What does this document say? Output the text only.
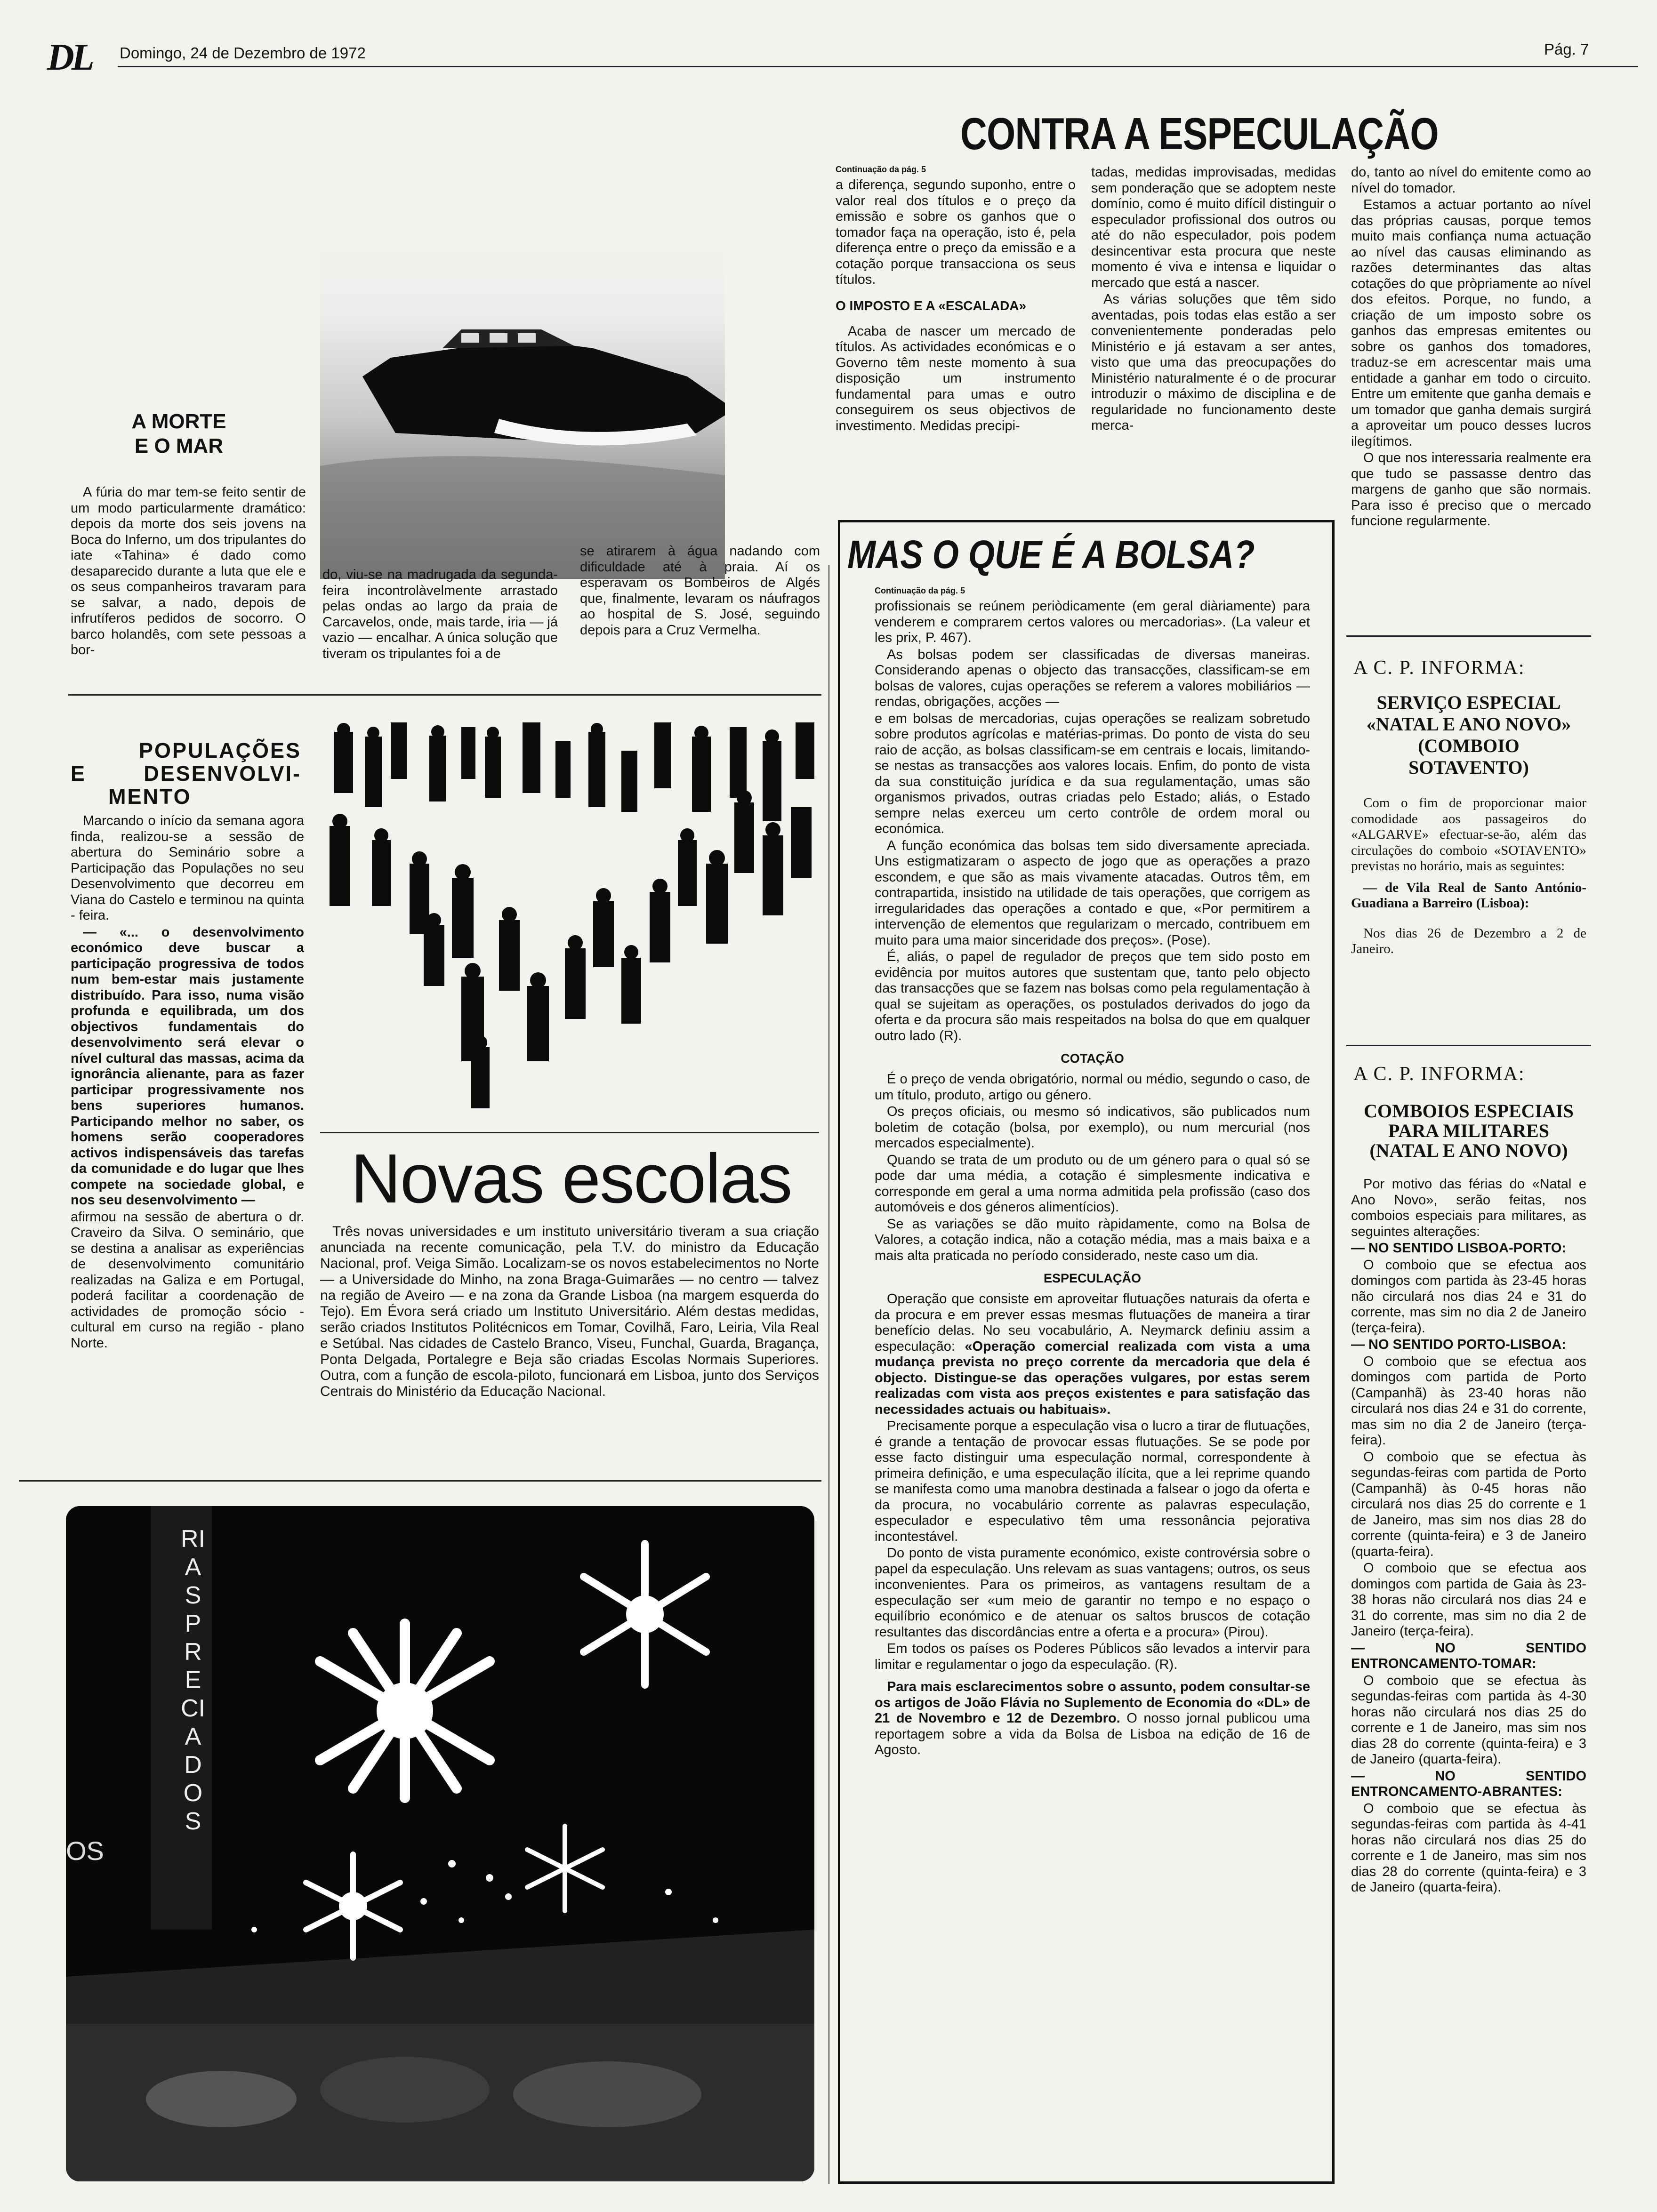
DL Domingo, 24 de Dezembro de 1972	Pág. 7
A MORTE
E O MAR

A fúria do mar tem-se feito sentir de um modo particularmente dramático: depois da morte dos seis jovens na Boca do Inferno, um dos tripulantes do iate «Tahina» é dado como desaparecido durante a luta que ele e os seus companheiros travaram para se salvar, a nado, depois de infrutíferos pedidos de socorro. O barco holandês, com sete pessoas a bor-

do, viu-se na madrugada da segunda-feira incontrolàvelmente arrastado pelas ondas ao largo da praia de Carcavelos, onde, mais tarde, iria — já vazio — encalhar. A única solução que tiveram os tripulantes foi a de

se atirarem à água nadando com dificuldade até à praia. Aí os esperavam os Bombeiros de Algés que, finalmente, levaram os náufragos ao hospital de S. José, seguindo depois para a Cruz Vermelha.

POPULAÇÕES
E DESENVOLVI-
MENTO

Marcando o início da semana agora finda, realizou-se a sessão de abertura do Seminário sobre a Participação das Populações no seu Desenvolvimento que decorreu em Viana do Castelo e terminou na quinta - feira.

— «... o desenvolvimento económico deve buscar a participação progressiva de todos num bem-estar mais justamente distribuído. Para isso, numa visão profunda e equilibrada, um dos objectivos fundamentais do desenvolvimento será elevar o nível cultural das massas, acima da ignorância alienante, para as fazer participar progressivamente nos bens superiores humanos. Participando melhor no saber, os homens serão cooperadores activos indispensáveis das tarefas da comunidade e do lugar que lhes compete na sociedade global, e nos seu desenvolvimento —

afirmou na sessão de abertura o dr. Craveiro da Silva. O seminário, que se destina a analisar as experiências de desenvolvimento comunitário realizadas na Galiza e em Portugal, poderá facilitar a coordenação de actividades de promoção sócio - cultural em curso na região - plano Norte.

Novas escolas

Três novas universidades e um instituto universitário tiveram a sua criação anunciada na recente comunicação, pela T.V. do ministro da Educação Nacional, prof. Veiga Simão. Localizam-se os novos estabelecimentos no Norte — a Universidade do Minho, na zona Braga-Guimarães — no centro — talvez na região de Aveiro — e na zona da Grande Lisboa (na margem esquerda do Tejo). Em Évora será criado um Instituto Universitário. Além destas medidas, serão criados Institutos Politécnicos em Tomar, Covilhã, Faro, Leiria, Vila Real e Setúbal. Nas cidades de Castelo Branco, Viseu, Funchal, Guarda, Bragança, Ponta Delgada, Portalegre e Beja são criadas Escolas Normais Superiores. Outra, com a função de escola-piloto, funcionará em Lisboa, junto dos Serviços Centrais do Ministério da Educação Nacional.

RIAS PRECIADOS
OS
CONTRA A ESPECULAÇÃO
Continuação da pág. 5

a diferença, segundo suponho, entre o valor real dos títulos e o preço da emissão e sobre os ganhos que o tomador faça na operação, isto é, pela diferença entre o preço da emissão e a cotação porque transacciona os seus títulos.

O IMPOSTO E A «ESCALADA»

Acaba de nascer um mercado de títulos. As actividades económicas e o Governo têm neste momento à sua disposição um instrumento fundamental para umas e outro conseguirem os seus objectivos de investimento. Medidas precipi-

tadas, medidas improvisadas, medidas sem ponderação que se adoptem neste domínio, como é muito difícil distinguir o especulador profissional dos outros ou até do não especulador, pois podem desincentivar esta procura que neste momento é viva e intensa e liquidar o mercado que está a nascer.

As várias soluções que têm sido aventadas, pois todas elas estão a ser convenientemente ponderadas pelo Ministério e já estavam a ser antes, visto que uma das preocupações do Ministério naturalmente é o de procurar introduzir o máximo de disciplina e de regularidade no funcionamento deste merca-

do, tanto ao nível do emitente como ao nível do tomador.

Estamos a actuar portanto ao nível das próprias causas, porque temos muito mais confiança numa actuação ao nível das causas eliminando as razões determinantes das altas cotações do que pròpriamente ao nível dos efeitos. Porque, no fundo, a criação de um imposto sobre os ganhos das empresas emitentes ou sobre os ganhos dos tomadores, traduz-se em acrescentar mais uma entidade a ganhar em todo o circuito. Entre um emitente que ganha demais e um tomador que ganha demais surgirá a aproveitar um pouco desses lucros ilegítimos.

O que nos interessaria realmente era que tudo se passasse dentro das margens de ganho que são normais. Para isso é preciso que o mercado funcione regularmente.

MAS O QUE É A BOLSA?
Continuação da pág. 5

profissionais se reúnem periòdicamente (em geral diàriamente) para venderem e comprarem certos valores ou mercadorias». (La valeur et les prix, P. 467).

As bolsas podem ser classificadas de diversas maneiras. Considerando apenas o objecto das transacções, classificam-se em bolsas de valores, cujas operações se referem a valores mobiliários — rendas, obrigações, acções —

e em bolsas de mercadorias, cujas operações se realizam sobretudo sobre produtos agrícolas e matérias-primas. Do ponto de vista do seu raio de acção, as bolsas classificam-se em centrais e locais, limitando-se nestas as transacções aos valores locais. Enfim, do ponto de vista da sua constituição jurídica e da sua regulamentação, umas são organismos privados, outras criadas pelo Estado; aliás, o Estado sempre nelas exerceu um certo contrôle de ordem moral ou económica.

A função económica das bolsas tem sido diversamente apreciada. Uns estigmatizaram o aspecto de jogo que as operações a prazo escondem, e que são as mais vivamente atacadas. Outros têm, em contrapartida, insistido na utilidade de tais operações, que corrigem as irregularidades das operações a contado e que, «Por permitirem a intervenção de elementos que regularizam o mercado, contribuem em muito para uma maior sinceridade dos preços». (Pose).

É, aliás, o papel de regulador de preços que tem sido posto em evidência por muitos autores que sustentam que, tanto pelo objecto das transacções que se fazem nas bolsas como pela regulamentação à qual se sujeitam as operações, os postulados derivados do jogo da oferta e da procura são mais respeitados na bolsa do que em qualquer outro lado (R).

COTAÇÃO

É o preço de venda obrigatório, normal ou médio, segundo o caso, de um título, produto, artigo ou género.

Os preços oficiais, ou mesmo só indicativos, são publicados num boletim de cotação (bolsa, por exemplo), ou num mercurial (nos mercados especialmente).

Quando se trata de um produto ou de um género para o qual só se pode dar uma média, a cotação é simplesmente indicativa e corresponde em geral a uma norma admitida pela profissão (caso dos automóveis e dos géneros alimentícios).

Se as variações se dão muito ràpidamente, como na Bolsa de Valores, a cotação indica, não a cotação média, mas a mais baixa e a mais alta praticada no período considerado, neste caso um dia.

ESPECULAÇÃO

Operação que consiste em aproveitar flutuações naturais da oferta e da procura e em prever essas mesmas flutuações de maneira a tirar benefício delas. No seu vocabulário, A. Neymarck definiu assim a especulação: «Operação comercial realizada com vista a uma mudança prevista no preço corrente da mercadoria que dela é objecto. Distingue-se das operações vulgares, por estas serem realizadas com vista aos preços existentes e para satisfação das necessidades actuais ou habituais».

Precisamente porque a especulação visa o lucro a tirar de flutuações, é grande a tentação de provocar essas flutuações. Se se pode por esse facto distinguir uma especulação normal, correspondente à primeira definição, e uma especulação ilícita, que a lei reprime quando se manifesta como uma manobra destinada a falsear o jogo da oferta e da procura, no vocabulário corrente as palavras especulação, especulador e especulativo têm uma ressonância pejorativa incontestável.

Do ponto de vista puramente económico, existe controvérsia sobre o papel da especulação. Uns relevam as suas vantagens; outros, os seus inconvenientes. Para os primeiros, as vantagens resultam de a especulação ser «um meio de garantir no tempo e no espaço o equilíbrio económico e de atenuar os saltos bruscos de cotação resultantes das discordâncias entre a oferta e a procura» (Pirou).

Em todos os países os Poderes Públicos são levados a intervir para limitar e regulamentar o jogo da especulação. (R).

Para mais esclarecimentos sobre o assunto, podem consultar-se os artigos de João Flávia no Suplemento de Economia do «DL» de 21 de Novembro e 12 de Dezembro. O nosso jornal publicou uma reportagem sobre a vida da Bolsa de Lisboa na edição de 16 de Agosto.

A C. P. INFORMA:
SERVIÇO ESPECIAL
«NATAL E ANO NOVO»
(COMBOIO
SOTAVENTO)

Com o fim de proporcionar maior comodidade aos passageiros do «ALGARVE» efectuar-se-ão, além das circulações do comboio «SOTAVENTO» previstas no horário, mais as seguintes:

— de Vila Real de Santo António-Guadiana a Barreiro (Lisboa):

Nos dias 26 de Dezembro a 2 de Janeiro.

A C. P. INFORMA:
COMBOIOS ESPECIAIS
PARA MILITARES
(NATAL E ANO NOVO)

Por motivo das férias do «Natal e Ano Novo», serão feitas, nos comboios especiais para militares, as seguintes alterações:

— NO SENTIDO LISBOA-PORTO:

O comboio que se efectua aos domingos com partida às 23-45 horas não circulará nos dias 24 e 31 do corrente, mas sim no dia 2 de Janeiro (terça-feira).

— NO SENTIDO PORTO-LISBOA:

O comboio que se efectua aos domingos com partida de Porto (Campanhã) às 23-40 horas não circulará nos dias 24 e 31 do corrente, mas sim no dia 2 de Janeiro (terça-feira).

O comboio que se efectua às segundas-feiras com partida de Porto (Campanhã) às 0-45 horas não circulará nos dias 25 do corrente e 1 de Janeiro, mas sim nos dias 28 do corrente (quinta-feira) e 3 de Janeiro (quarta-feira).

O comboio que se efectua aos domingos com partida de Gaia às 23-38 horas não circulará nos dias 24 e 31 do corrente, mas sim no dia 2 de Janeiro (terça-feira).

— NO SENTIDO ENTRONCAMENTO-TOMAR:

O comboio que se efectua às segundas-feiras com partida às 4-30 horas não circulará nos dias 25 do corrente e 1 de Janeiro, mas sim nos dias 28 do corrente (quinta-feira) e 3 de Janeiro (quarta-feira).

— NO SENTIDO ENTRONCAMENTO-ABRANTES:

O comboio que se efectua às segundas-feiras com partida às 4-41 horas não circulará nos dias 25 do corrente e 1 de Janeiro, mas sim nos dias 28 do corrente (quinta-feira) e 3 de Janeiro (quarta-feira).
